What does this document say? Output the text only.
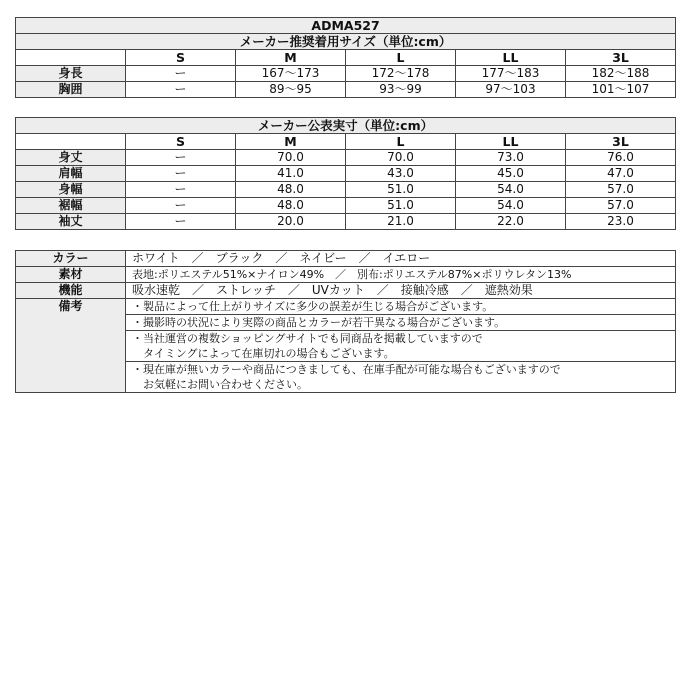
ADMA527					
メーカー推奨着用サイズ（単位:cm）					
	S	M	L	LL	3L
身長	ー	167～173	172～178	177～183	182～188
胸囲	ー	89～95	93～99	97～103	101～107
メーカー公表実寸（単位:cm）					
	S	M	L	LL	3L
身丈	ー	70.0	70.0	73.0	76.0
肩幅	ー	41.0	43.0	45.0	47.0
身幅	ー	48.0	51.0	54.0	57.0
裾幅	ー	48.0	51.0	54.0	57.0
袖丈	ー	20.0	21.0	22.0	23.0
カラー	ホワイト　／　ブラック　／　ネイビー　／　イエロー
素材	表地:ポリエステル51%×ナイロン49%　／　別布:ポリエステル87%×ポリウレタン13%
機能	吸水速乾　／　ストレッチ　／　UVカット　／　接触冷感　／　遮熱効果
備考	・製品によって仕上がりサイズに多少の誤差が生じる場合がございます。

	・撮影時の状況により実際の商品とカラーが若干異なる場合がございます。

	・当社運営の複数ショッピングサイトでも同商品を掲載していますので
　タイミングによって在庫切れの場合もございます。

	・現在庫が無いカラーや商品につきましても、在庫手配が可能な場合もございますので
　お気軽にお問い合わせください。
